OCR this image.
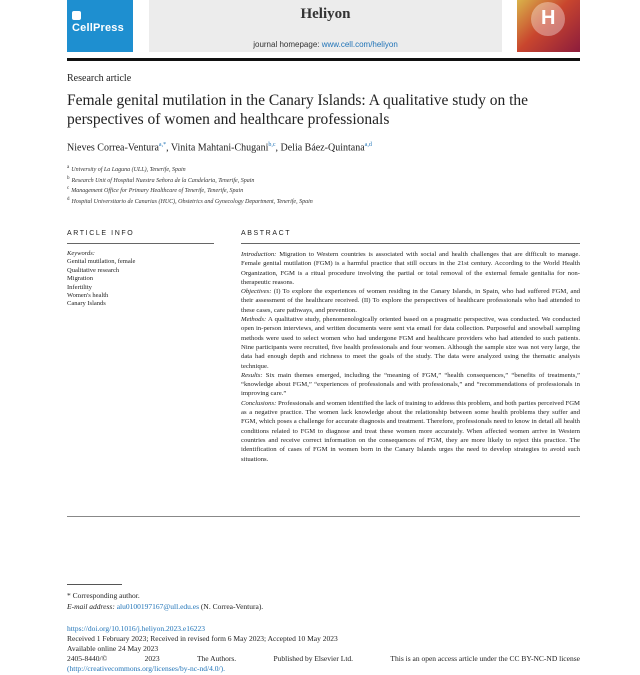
CellPress
Heliyon
journal homepage: www.cell.com/heliyon
H
Research article
Female genital mutilation in the Canary Islands: A qualitative study on the perspectives of women and healthcare professionals
Nieves Correa-Ventura$^{a,*}$, Vinita Mahtani-Chugani$^{b,c}$, Delia Báez-Quintana$^{a,d}$
$^a$ University of La Laguna (ULL), Tenerife, Spain
$^b$ Research Unit of Hospital Nuestra Señora de la Candelaria, Tenerife, Spain
$^c$ Management Office for Primary Healthcare of Tenerife, Tenerife, Spain
$^d$ Hospital Universitario de Canarias (HUC), Obstetrics and Gynecology Department, Tenerife, Spain
ARTICLE INFO	ABSTRACT
Keywords:
Genital mutilation, female
Qualitative research
Migration
Infertility
Women's health
Canary Islands

Introduction: Migration to Western countries is associated with social and health challenges that are difficult to manage. Female genital mutilation (FGM) is a harmful practice that still occurs in the 21st century. According to the World Health Organization, FGM is a ritual procedure involving the partial or total removal of the external female genitalia for non-therapeutic reasons.

Objectives: (I) To explore the experiences of women residing in the Canary Islands, in Spain, who had suffered FGM, and their assessment of the healthcare received. (II) To explore the perspectives of healthcare professionals who had attended to these cases, care pathways, and prevention.

Methods: A qualitative study, phenomenologically oriented based on a pragmatic perspective, was conducted. We conducted open in-person interviews, and written documents were sent via email for data collection. Purposeful and snowball sampling methods were used to select women who had undergone FGM and healthcare providers who had attended to such patients. Nine participants were recruited, five health professionals and four women. Although the sample size was not very large, the data had enough depth and richness to meet the goals of the study. The data were analyzed using the thematic analysis technique.

Results: Six main themes emerged, including the “meaning of FGM,” “health consequences,” “benefits of treatments,” “knowledge about FGM,” “experiences of professionals and with professionals,” and “recommendations of professionals in improving care.”

Conclusions: Professionals and women identified the lack of training to address this problem, and both parties perceived FGM as a negative practice. The women lack knowledge about the relationship between some health problems they suffer and FGM, which poses a challenge for accurate diagnosis and treatment. Therefore, professionals need to know in detail all health conditions related to FGM to diagnose and treat these women more accurately. When affected women arrive in Western countries and receive correct information on the consequences of FGM, they are more likely to reject this practice. The identification of cases of FGM in women born in the Canary Islands urges the need to develop strategies to avoid such situations.

* Corresponding author.
E-mail address: alu0100197167@ull.edu.es (N. Correa-Ventura).
https://doi.org/10.1016/j.heliyon.2023.e16223
Received 1 February 2023; Received in revised form 6 May 2023; Accepted 10 May 2023
Available online 24 May 2023
2405-8440/©	2023	The Authors.	Published by Elsevier Ltd.	This is an open access article under the CC BY-NC-ND license
(http://creativecommons.org/licenses/by-nc-nd/4.0/).
